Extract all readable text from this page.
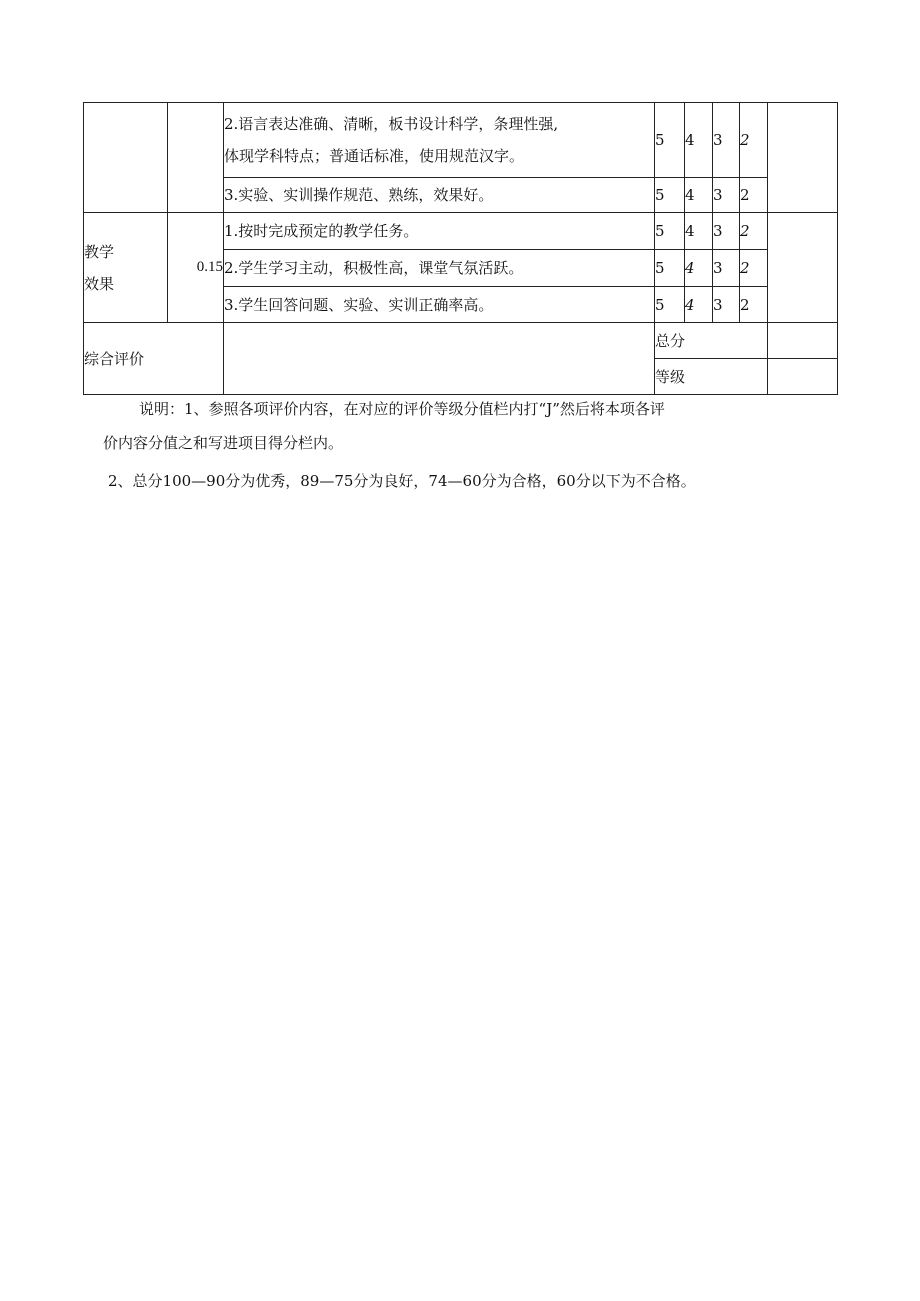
		2.语言表达准确、清晰，板书设计科学，条理性强,
体现学科特点；普通话标准，使用规范汉字。	5	4	3	2	
		3.实验、实训操作规范、熟练，效果好。	5	4	3	2	

教学
效果	0.15	1.按时完成预定的教学任务。	5	4	3	2	
		2.学生学习主动，积极性高，课堂气氛活跃。	5	4	3	2	
		3.学生回答问题、实验、实训正确率高。	5	4	3	2	
综合评价			总分				
			等级				

说明：1、参照各项评价内容，在对应的评价等级分值栏内打“J”然后将本项各评

价内容分值之和写进项目得分栏内。

2、总分100—90分为优秀，89—75分为良好，74—60分为合格，60分以下为不合格。
